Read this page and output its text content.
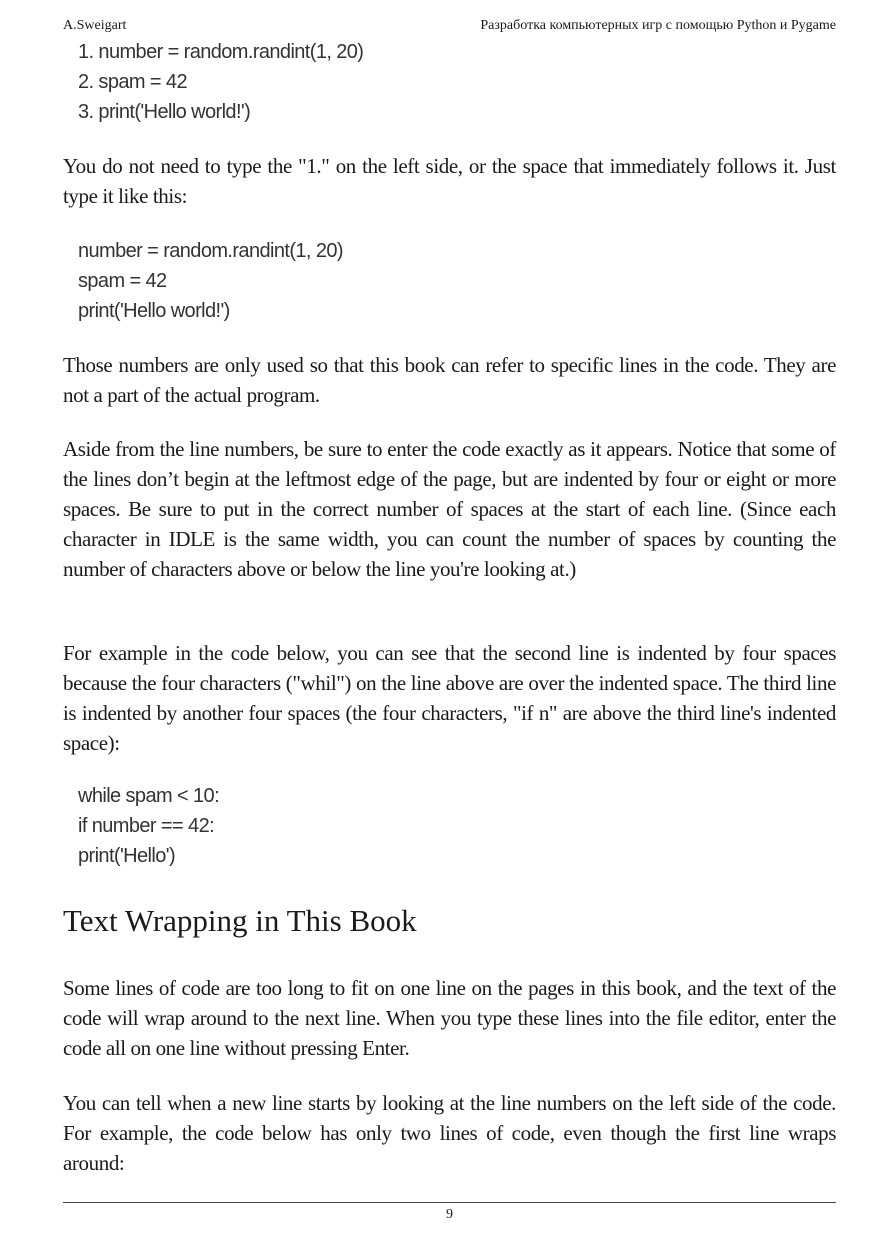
A.Sweigart	Разработка компьютерных игр с помощью Python и Pygame
1. number = random.randint(1, 20)
2. spam = 42
3. print('Hello world!')

You do not need to type the "1." on the left side, or the space that immediately follows it. Just type it like this:

number = random.randint(1, 20)
spam = 42
print('Hello world!')

Those numbers are only used so that this book can refer to specific lines in the code. They are not a part of the actual program.

Aside from the line numbers, be sure to enter the code exactly as it appears. Notice that some of the lines don’t begin at the leftmost edge of the page, but are indented by four or eight or more spaces. Be sure to put in the correct number of spaces at the start of each line. (Since each character in IDLE is the same width, you can count the number of spaces by counting the number of characters above or below the line you're looking at.)

For example in the code below, you can see that the second line is indented by four spaces because the four characters ("whil") on the line above are over the indented space. The third line is indented by another four spaces (the four characters, "if n" are above the third line's indented space):

while spam < 10:
if number == 42:
print('Hello')
Text Wrapping in This Book

Some lines of code are too long to fit on one line on the pages in this book, and the text of the code will wrap around to the next line. When you type these lines into the file editor, enter the code all on one line without pressing Enter.

You can tell when a new line starts by looking at the line numbers on the left side of the code. For example, the code below has only two lines of code, even though the first line wraps around:

9
